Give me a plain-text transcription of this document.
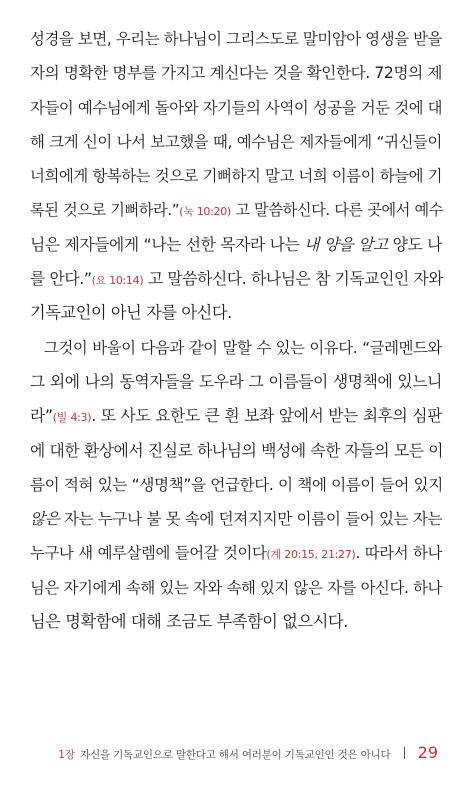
성경을 보면, 우리는 하나님이 그리스도로 말미암아 영생을 받을
자의 명확한 명부를 가지고 계신다는 것을 확인한다. 72명의 제
자들이 예수님에게 돌아와 자기들의 사역이 성공을 거둔 것에 대
해 크게 신이 나서 보고했을 때, 예수님은 제자들에게 “귀신들이
너희에게 항복하는 것으로 기뻐하지 말고 너희 이름이 하늘에 기
록된 것으로 기뻐하라.”(눅 10:20) 고 말씀하신다. 다른 곳에서 예수
님은 제자들에게 “나는 선한 목자라 나는 내 양을 알고 양도 나
를 안다.”(요 10:14) 고 말씀하신다. 하나님은 참 기독교인인 자와
기독교인이 아닌 자를 아신다.
그것이 바울이 다음과 같이 말할 수 있는 이유다. “글레멘드와
그 외에 나의 동역자들을 도우라 그 이름들이 생명책에 있느니
라”(빌 4:3). 또 사도 요한도 큰 흰 보좌 앞에서 받는 최후의 심판
에 대한 환상에서 진실로 하나님의 백성에 속한 자들의 모든 이
름이 적혀 있는 “생명책”을 언급한다. 이 책에 이름이 들어 있지
않은 자는 누구나 불 못 속에 던져지지만 이름이 들어 있는 자는
누구나 새 예루살렘에 들어갈 것이다(계 20:15, 21:27). 따라서 하나
님은 자기에게 속해 있는 자와 속해 있지 않은 자를 아신다. 하나
님은 명확함에 대해 조금도 부족함이 없으시다.
1장 자신을 기독교인으로 말한다고 해서 여러분이 기독교인인 것은 아니다 29
